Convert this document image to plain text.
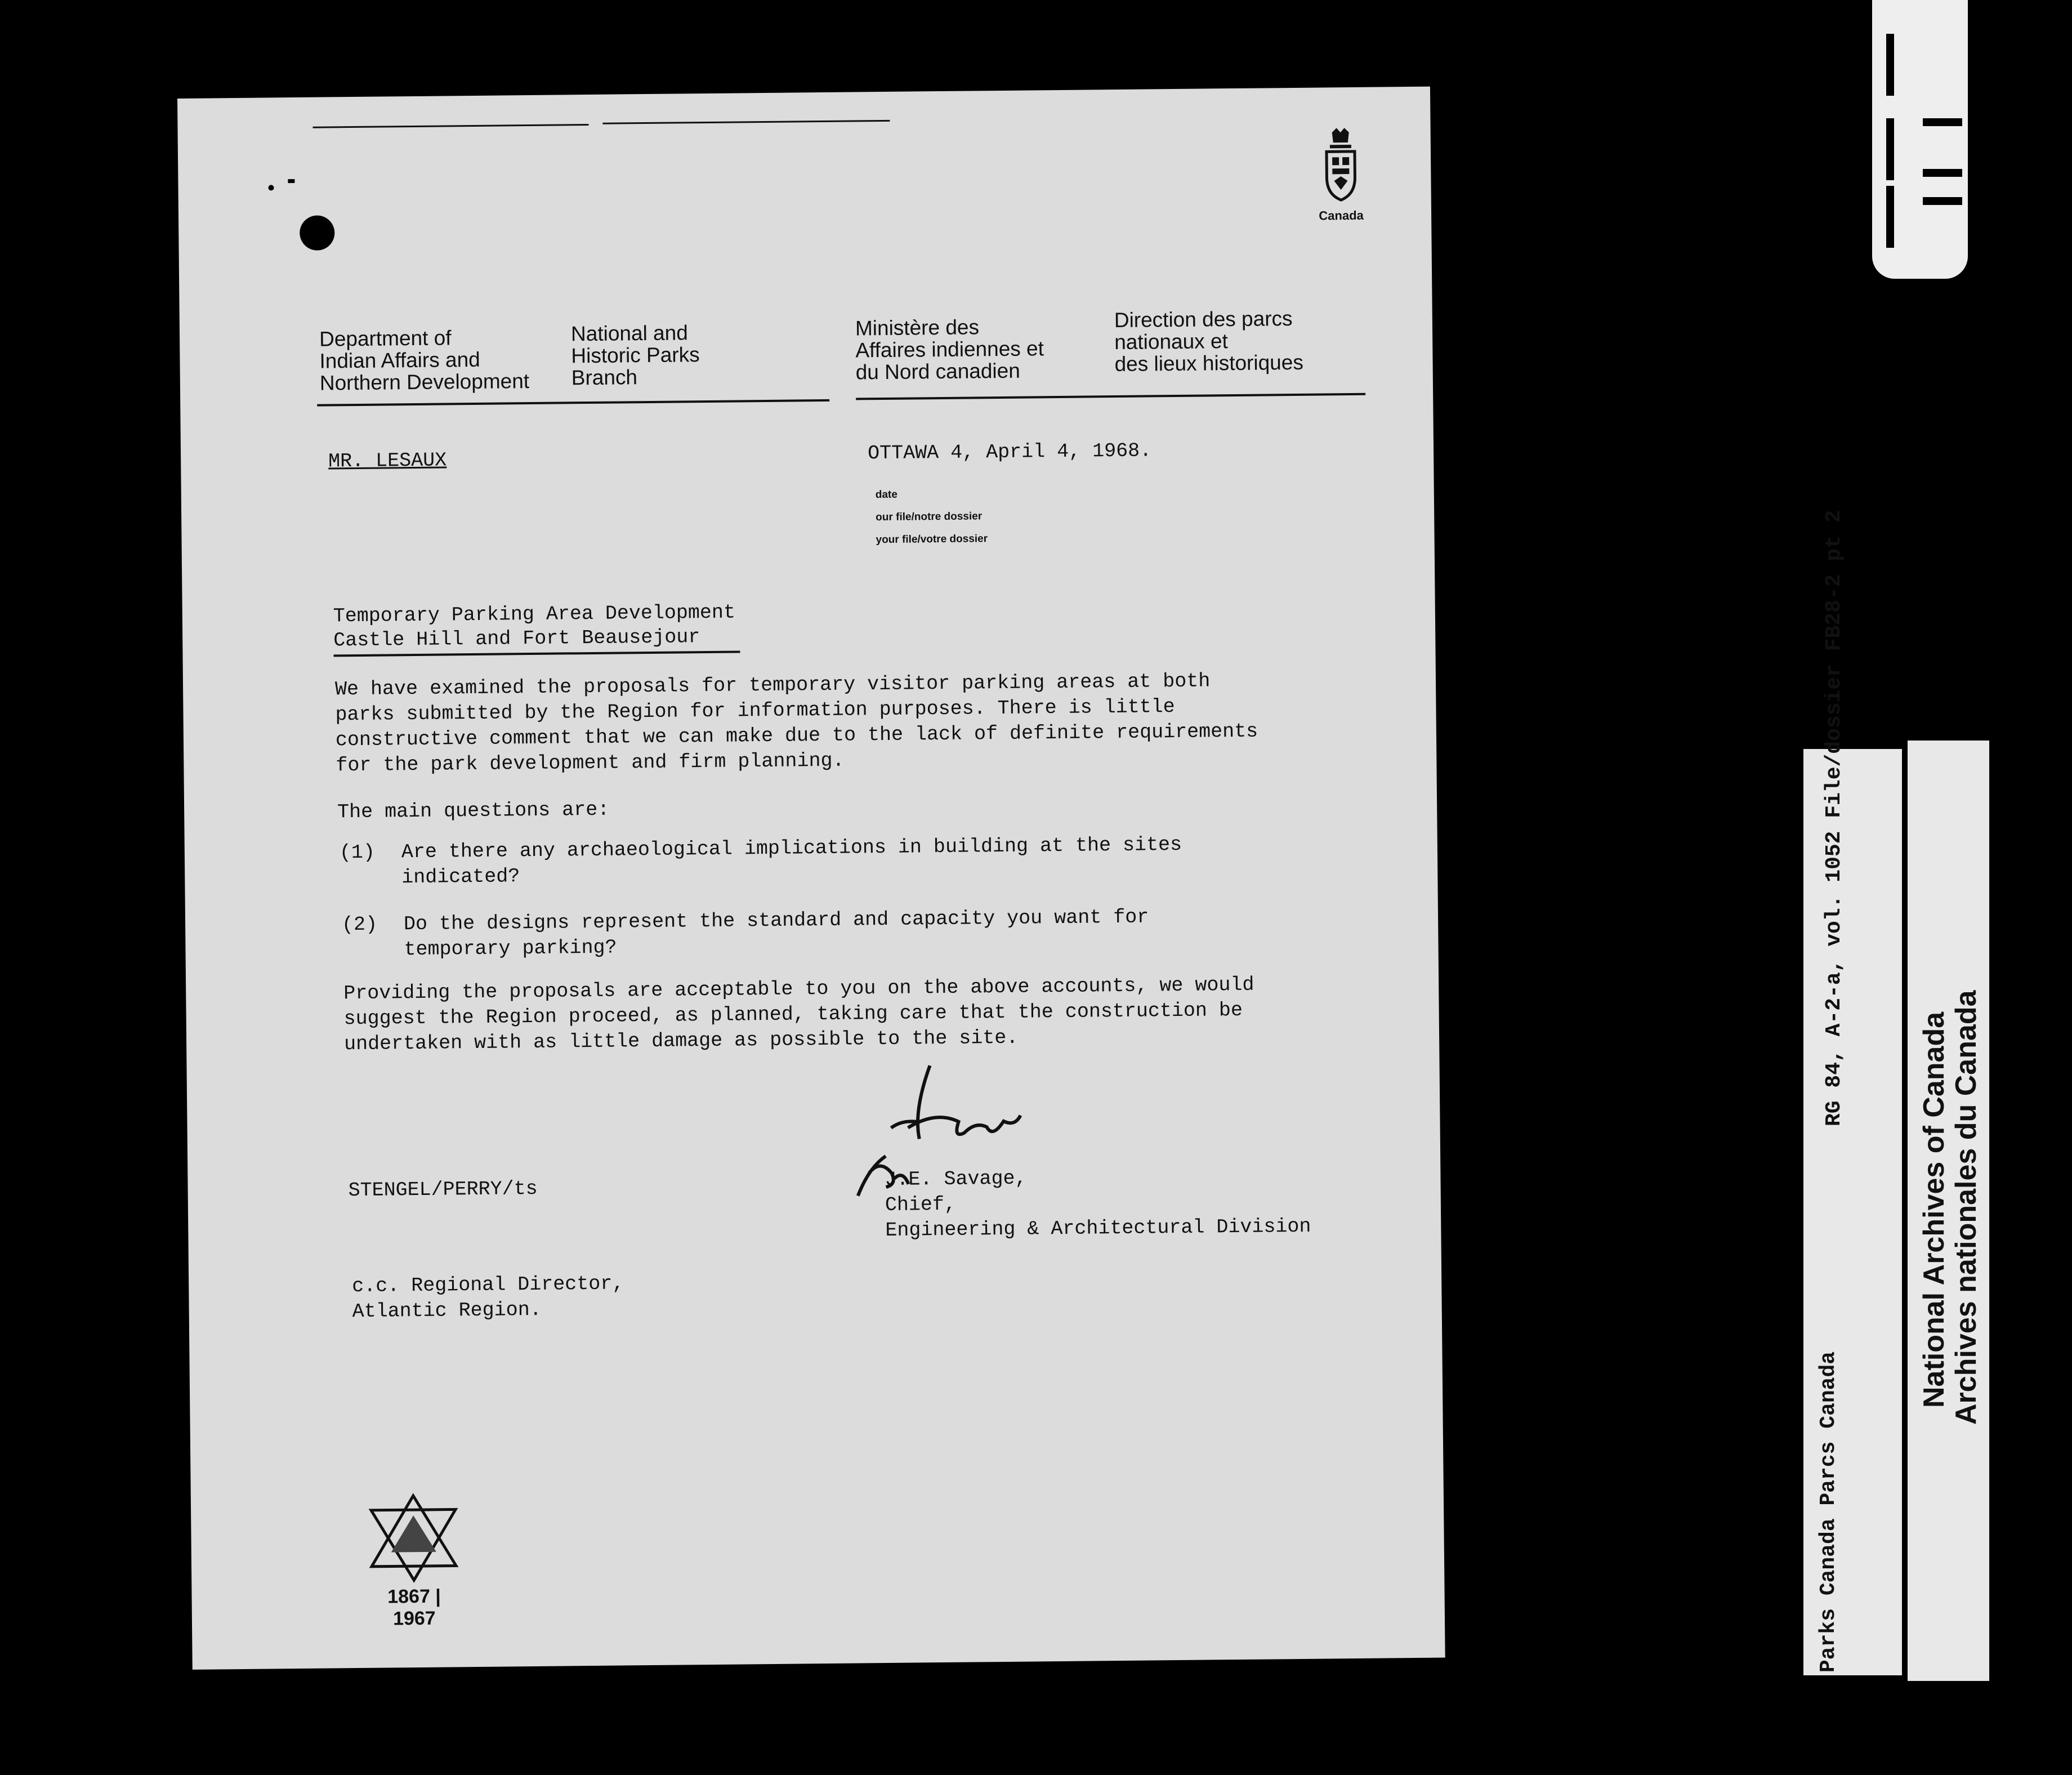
Canada
Department of
Indian Affairs and
Northern Development
National and
Historic Parks
Branch
Ministère des
Affaires indiennes et
du Nord canadien
Direction des parcs
nationaux et
des lieux historiques
MR. LESAUX	OTTAWA 4, April 4, 1968.
date
our file/notre dossier
your file/votre dossier
Temporary Parking Area Development
Castle Hill and Fort Beausejour
We have examined the proposals for temporary visitor parking areas at both
parks submitted by the Region for information purposes. There is little
constructive comment that we can make due to the lack of definite requirements
for the park development and firm planning.
The main questions are:
(1) Are there any archaeological implications in building at the sites
indicated?
(2) Do the designs represent the standard and capacity you want for
temporary parking?
Providing the proposals are acceptable to you on the above accounts, we would
suggest the Region proceed, as planned, taking care that the construction be
undertaken with as little damage as possible to the site.
STENGEL/PERRY/ts	J.E. Savage,
Chief,
Engineering & Architectural Division
c.c. Regional Director,
Atlantic Region.
1867 | 1967	Parks Canada Parcs Canada
RG 84, A-2-a, vol. 1052 File/dossier FB28-2 pt 2
National Archives of Canada Archives nationales du Canada
